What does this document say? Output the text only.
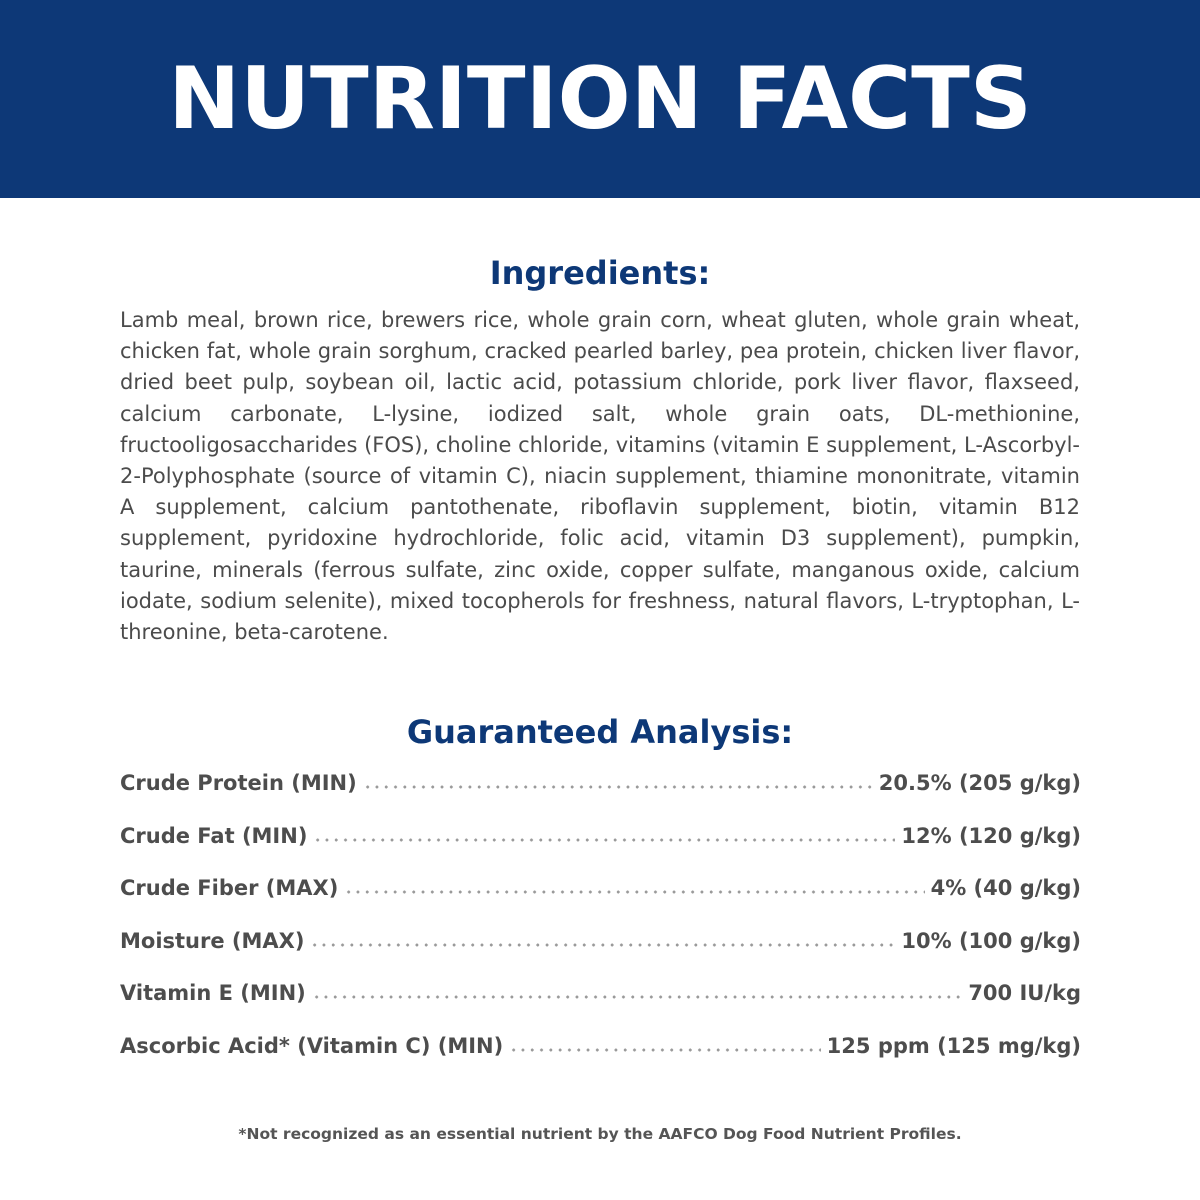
NUTRITION FACTS
Ingredients:

Lamb meal, brown rice, brewers rice, whole grain corn, wheat gluten, whole grain wheat, chicken fat, whole grain sorghum, cracked pearled barley, pea protein, chicken liver flavor, dried beet pulp, soybean oil, lactic acid, potassium chloride, pork liver flavor, flaxseed, calcium carbonate, L-lysine, iodized salt, whole grain oats, DL-methionine, fructooligosaccharides (FOS), choline chloride, vitamins (vitamin E supplement, L-Ascorbyl-2-Polyphosphate (source of vitamin C), niacin supplement, thiamine mononitrate, vitamin A supplement, calcium pantothenate, riboflavin supplement, biotin, vitamin B12 supplement, pyridoxine hydrochloride, folic acid, vitamin D3 supplement), pumpkin, taurine, minerals (ferrous sulfate, zinc oxide, copper sulfate, manganous oxide, calcium iodate, sodium selenite), mixed tocopherols for freshness, natural flavors, L-tryptophan, L-threonine, beta-carotene.

Guaranteed Analysis:
Crude Protein (MIN)	20.5% (205 g/kg)
Crude Fat (MIN)	12% (120 g/kg)
Crude Fiber (MAX)	4% (40 g/kg)
Moisture (MAX)	10% (100 g/kg)
Vitamin E (MIN)	700 IU/kg
Ascorbic Acid* (Vitamin C) (MIN)	125 ppm (125 mg/kg)
*Not recognized as an essential nutrient by the AAFCO Dog Food Nutrient Profiles.
